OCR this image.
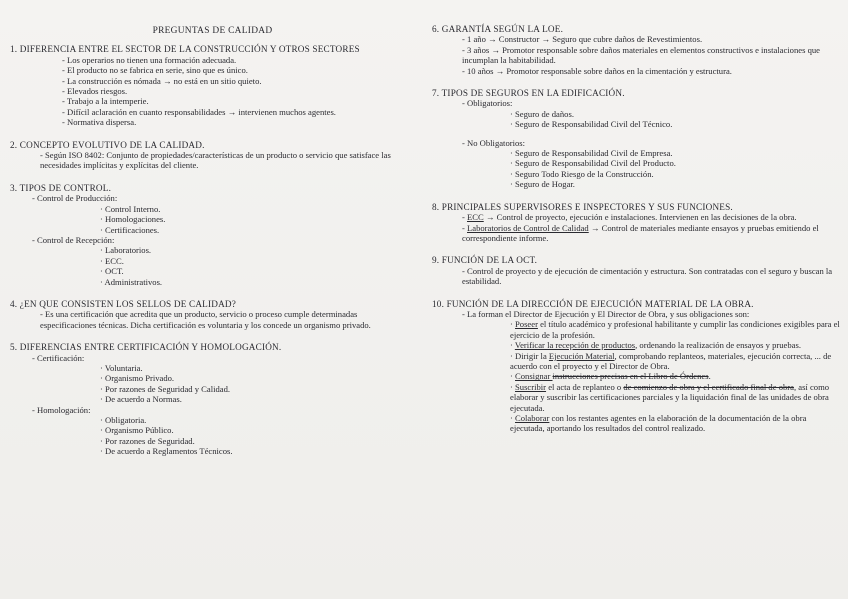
PREGUNTAS DE CALIDAD
1. DIFERENCIA ENTRE EL SECTOR DE LA CONSTRUCCIÓN Y OTROS SECTORES
- Los operarios no tienen una formación adecuada.
- El producto no se fabrica en serie, sino que es único.
- La construcción es nómada → no está en un sitio quieto.
- Elevados riesgos.
- Trabajo a la intemperie.
- Difícil aclaración en cuanto responsabilidades → intervienen muchos agentes.
- Normativa dispersa.
2. CONCEPTO EVOLUTIVO DE LA CALIDAD.
- Según ISO 8402: Conjunto de propiedades/características de un producto o servicio que satisface las necesidades implícitas y explícitas del cliente.
3. TIPOS DE CONTROL.
- Control de Producción:
· Control Interno.
· Homologaciones.
· Certificaciones.
- Control de Recepción:
· Laboratorios.
· ECC.
· OCT.
· Administrativos.
4. ¿EN QUE CONSISTEN LOS SELLOS DE CALIDAD?
- Es una certificación que acredita que un producto, servicio o proceso cumple determinadas especificaciones técnicas. Dicha certificación es voluntaria y los concede un organismo privado.
5. DIFERENCIAS ENTRE CERTIFICACIÓN Y HOMOLOGACIÓN.
- Certificación:
· Voluntaria.
· Organismo Privado.
· Por razones de Seguridad y Calidad.
· De acuerdo a Normas.
- Homologación:
· Obligatoria.
· Organismo Público.
· Por razones de Seguridad.
· De acuerdo a Reglamentos Técnicos.
6. GARANTÍA SEGÚN LA LOE.
- 1 año → Constructor → Seguro que cubre daños de Revestimientos.
- 3 años → Promotor responsable sobre daños materiales en elementos constructivos e instalaciones que incumplan la habitabilidad.
- 10 años → Promotor responsable sobre daños en la cimentación y estructura.
7. TIPOS DE SEGUROS EN LA EDIFICACIÓN.
- Obligatorios:
· Seguro de daños.
· Seguro de Responsabilidad Civil del Técnico.
- No Obligatorios:
· Seguro de Responsabilidad Civil de Empresa.
· Seguro de Responsabilidad Civil del Producto.
· Seguro Todo Riesgo de la Construcción.
· Seguro de Hogar.
8. PRINCIPALES SUPERVISORES E INSPECTORES Y SUS FUNCIONES.
- ECC → Control de proyecto, ejecución e instalaciones. Intervienen en las decisiones de la obra.
- Laboratorios de Control de Calidad → Control de materiales mediante ensayos y pruebas emitiendo el correspondiente informe.
9. FUNCIÓN DE LA OCT.
- Control de proyecto y de ejecución de cimentación y estructura. Son contratadas con el seguro y buscan la estabilidad.
10. FUNCIÓN DE LA DIRECCIÓN DE EJECUCIÓN MATERIAL DE LA OBRA.
- La forman el Director de Ejecución y El Director de Obra, y sus obligaciones son:
· Poseer el título académico y profesional habilitante y cumplir las condiciones exigibles para el ejercicio de la profesión.
· Verificar la recepción de productos, ordenando la realización de ensayos y pruebas.
· Dirigir la Ejecución Material, comprobando replanteos, materiales, ejecución correcta, ... de acuerdo con el proyecto y el Director de Obra.
· Consignar instrucciones precisas en el Libro de Órdenes.
· Suscribir el acta de replanteo o de comienzo de obra y el certificado final de obra, así como elaborar y suscribir las certificaciones parciales y la liquidación final de las unidades de obra ejecutada.
· Colaborar con los restantes agentes en la elaboración de la documentación de la obra ejecutada, aportando los resultados del control realizado.
